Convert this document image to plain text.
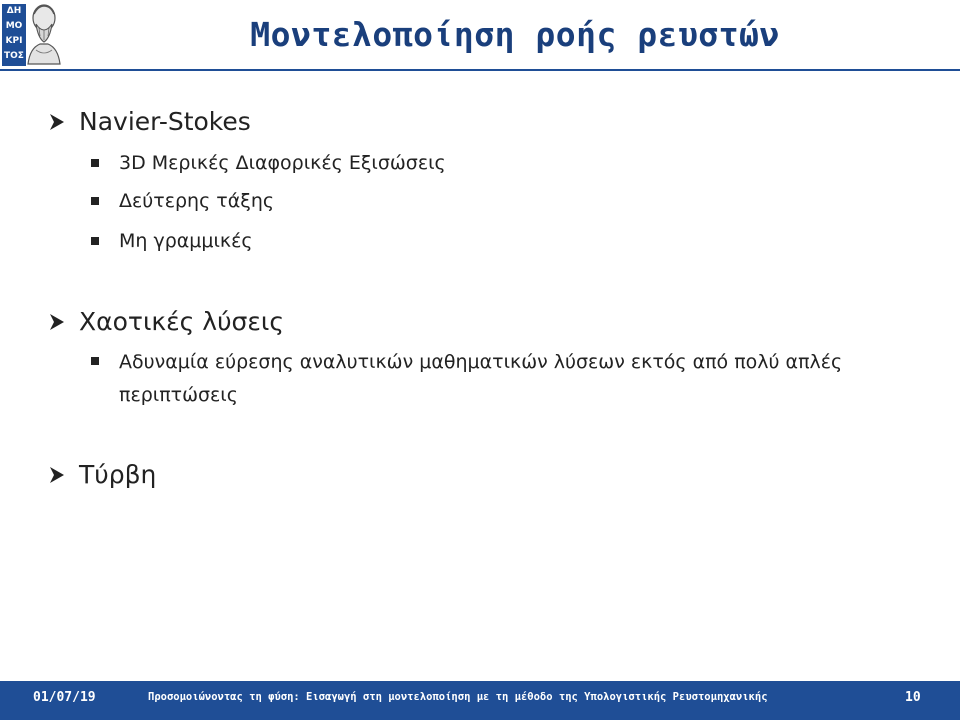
ΔΗ
ΜΟ
ΚΡΙ
ΤΟΣ
Μοντελοποίηση ροής ρευστών
Navier-Stokes
3D Μερικές Διαφορικές Εξισώσεις
Δεύτερης τάξης
Μη γραμμικές
Χαοτικές λύσεις
Αδυναμία εύρεσης αναλυτικών μαθηματικών λύσεων εκτός από πολύ απλές περιπτώσεις
Τύρβη
01/07/19	Προσομοιώνοντας τη φύση: Εισαγωγή στη μοντελοποίηση με τη μέθοδο της Υπολογιστικής Ρευστομηχανικής	10
